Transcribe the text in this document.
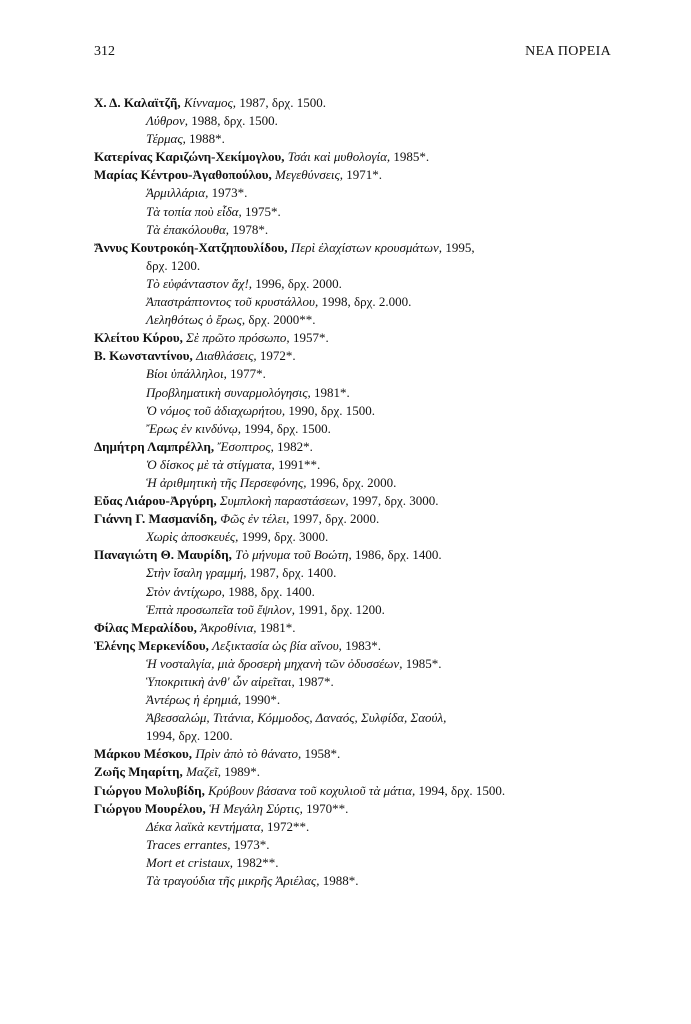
312	ΝΕΑ ΠΟΡΕΙΑ
Χ. Δ. Καλαϊτζῆ, Κίνναμος, 1987, δρχ. 1500.
Λύθρον, 1988, δρχ. 1500.
Τέρμας, 1988*.
Κατερίνας Καριζώνη-Χεκίμογλου, Τσάι καὶ μυθολογία, 1985*.
Μαρίας Κέντρου-Ἀγαθοπούλου, Μεγεθύνσεις, 1971*.
Ἁρμιλλάρια, 1973*.
Τὰ τοπία ποὺ εἶδα, 1975*.
Τὰ ἐπακόλουθα, 1978*.
Ἄννυς Κουτροκόη-Χατζηπουλίδου, Περὶ ἐλαχίστων κρουσμάτων, 1995,
δρχ. 1200.
Τὸ εὐφάνταστον ἄχ!, 1996, δρχ. 2000.
Ἀπαστράπτοντος τοῦ κρυστάλλου, 1998, δρχ. 2.000.
Λεληθότως ὁ ἔρως, δρχ. 2000**.
Κλείτου Κύρου, Σὲ πρῶτο πρόσωπο, 1957*.
Β. Κωνσταντίνου, Διαθλάσεις, 1972*.
Βίοι ὑπάλληλοι, 1977*.
Προβληματικὴ συναρμολόγησις, 1981*.
Ὁ νόμος τοῦ ἀδιαχωρήτου, 1990, δρχ. 1500.
Ἔρως ἐν κινδύνῳ, 1994, δρχ. 1500.
Δημήτρη Λαμπρέλλη, Ἔσοπτρος, 1982*.
Ὁ δίσκος μὲ τὰ στίγματα, 1991**.
Ἡ ἀριθμητικὴ τῆς Περσεφόνης, 1996, δρχ. 2000.
Εὔας Λιάρου-Ἀργύρη, Συμπλοκὴ παραστάσεων, 1997, δρχ. 3000.
Γιάννη Γ. Μασμανίδη, Φῶς ἐν τέλει, 1997, δρχ. 2000.
Χωρὶς ἀποσκευές, 1999, δρχ. 3000.
Παναγιώτη Θ. Μαυρίδη, Τὸ μήνυμα τοῦ Βοώτη, 1986, δρχ. 1400.
Στὴν ἴσαλη γραμμή, 1987, δρχ. 1400.
Στὸν ἀντίχωρο, 1988, δρχ. 1400.
Ἑπτὰ προσωπεῖα τοῦ ἔψιλον, 1991, δρχ. 1200.
Φίλας Μεραλίδου, Ἀκροθίνια, 1981*.
Ἑλένης Μερκενίδου, Λεξικτασία ὡς βία αἴνου, 1983*.
Ἡ νοσταλγία, μιὰ δροσερὴ μηχανὴ τῶν ὀδυσσέων, 1985*.
Ὑποκριτικὴ ἀνθ' ὧν αἱρεῖται, 1987*.
Ἀντέρως ἡ ἐρημιά, 1990*.
Ἀβεσσαλώμ, Τιτάνια, Κόμμοδος, Δαναός, Συλφίδα, Σαούλ,
1994, δρχ. 1200.
Μάρκου Μέσκου, Πρὶν ἀπὸ τὸ θάνατο, 1958*.
Ζωῆς Μηαρίτη, Μαζεῖ, 1989*.
Γιώργου Μολυβίδη, Κρύβουν βάσανα τοῦ κοχυλιοῦ τὰ μάτια, 1994, δρχ. 1500.
Γιώργου Μουρέλου, Ἡ Μεγάλη Σύρτις, 1970**.
Δέκα λαϊκὰ κεντήματα, 1972**.
Traces errantes, 1973*.
Mort et cristaux, 1982**.
Τὰ τραγούδια τῆς μικρῆς Ἀριέλας, 1988*.
